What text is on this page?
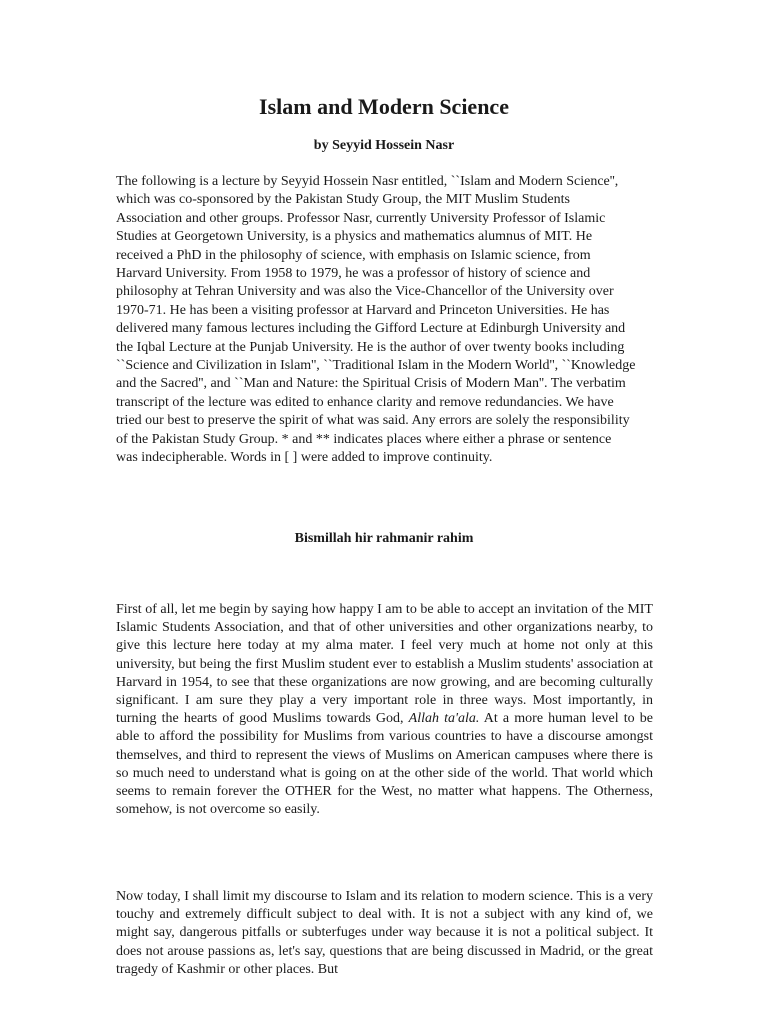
Islam and Modern Science

by Seyyid Hossein Nasr

The following is a lecture by Seyyid Hossein Nasr entitled, ``Islam and Modern Science'', which was co-sponsored by the Pakistan Study Group, the MIT Muslim Students Association and other groups. Professor Nasr, currently University Professor of Islamic Studies at Georgetown University, is a physics and mathematics alumnus of MIT. He received a PhD in the philosophy of science, with emphasis on Islamic science, from Harvard University. From 1958 to 1979, he was a professor of history of science and philosophy at Tehran University and was also the Vice-Chancellor of the University over 1970-71. He has been a visiting professor at Harvard and Princeton Universities. He has delivered many famous lectures including the Gifford Lecture at Edinburgh University and the Iqbal Lecture at the Punjab University. He is the author of over twenty books including ``Science and Civilization in Islam'', ``Traditional Islam in the Modern World'', ``Knowledge and the Sacred'', and ``Man and Nature: the Spiritual Crisis of Modern Man''. The verbatim transcript of the lecture was edited to enhance clarity and remove redundancies. We have tried our best to preserve the spirit of what was said. Any errors are solely the responsibility of the Pakistan Study Group. * and ** indicates places where either a phrase or sentence was indecipherable. Words in [ ] were added to improve continuity.

Bismillah hir rahmanir rahim

First of all, let me begin by saying how happy I am to be able to accept an invitation of the MIT Islamic Students Association, and that of other universities and other organizations nearby, to give this lecture here today at my alma mater. I feel very much at home not only at this university, but being the first Muslim student ever to establish a Muslim students' association at Harvard in 1954, to see that these organizations are now growing, and are becoming culturally significant. I am sure they play a very important role in three ways. Most importantly, in turning the hearts of good Muslims towards God, Allah ta'ala. At a more human level to be able to afford the possibility for Muslims from various countries to have a discourse amongst themselves, and third to represent the views of Muslims on American campuses where there is so much need to understand what is going on at the other side of the world. That world which seems to remain forever the OTHER for the West, no matter what happens. The Otherness, somehow, is not overcome so easily.

Now today, I shall limit my discourse to Islam and its relation to modern science. This is a very touchy and extremely difficult subject to deal with. It is not a subject with any kind of, we might say, dangerous pitfalls or subterfuges under way because it is not a political subject. It does not arouse passions as, let's say, questions that are being discussed in Madrid, or the great tragedy of Kashmir or other places. But
